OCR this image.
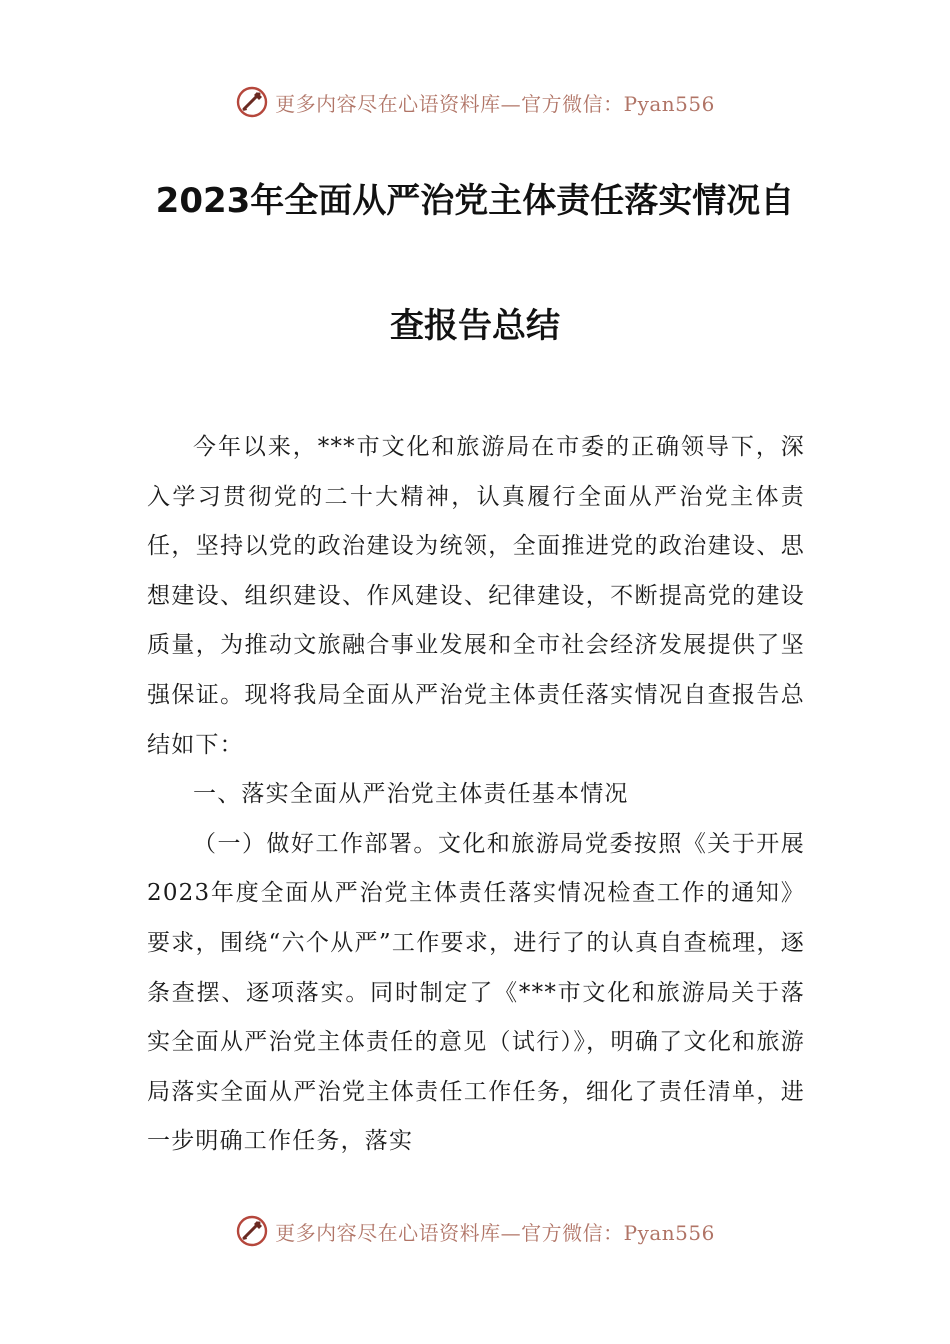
更多内容尽在心语资料库—官方微信：Pyan556
2023年全面从严治党主体责任落实情况自
查报告总结

今年以来，***市文化和旅游局在市委的正确领导下，深入学习贯彻党的二十大精神，认真履行全面从严治党主体责任，坚持以党的政治建设为统领，全面推进党的政治建设、思想建设、组织建设、作风建设、纪律建设，不断提高党的建设质量，为推动文旅融合事业发展和全市社会经济发展提供了坚强保证。现将我局全面从严治党主体责任落实情况自查报告总结如下：

一、落实全面从严治党主体责任基本情况

（一）做好工作部署。文化和旅游局党委按照《关于开展2023年度全面从严治党主体责任落实情况检查工作的通知》要求，围绕“六个从严”工作要求，进行了的认真自查梳理，逐条查摆、逐项落实。同时制定了《***市文化和旅游局关于落实全面从严治党主体责任的意见（试行）》，明确了文化和旅游局落实全面从严治党主体责任工作任务，细化了责任清单，进一步明确工作任务，落实

更多内容尽在心语资料库—官方微信：Pyan556
